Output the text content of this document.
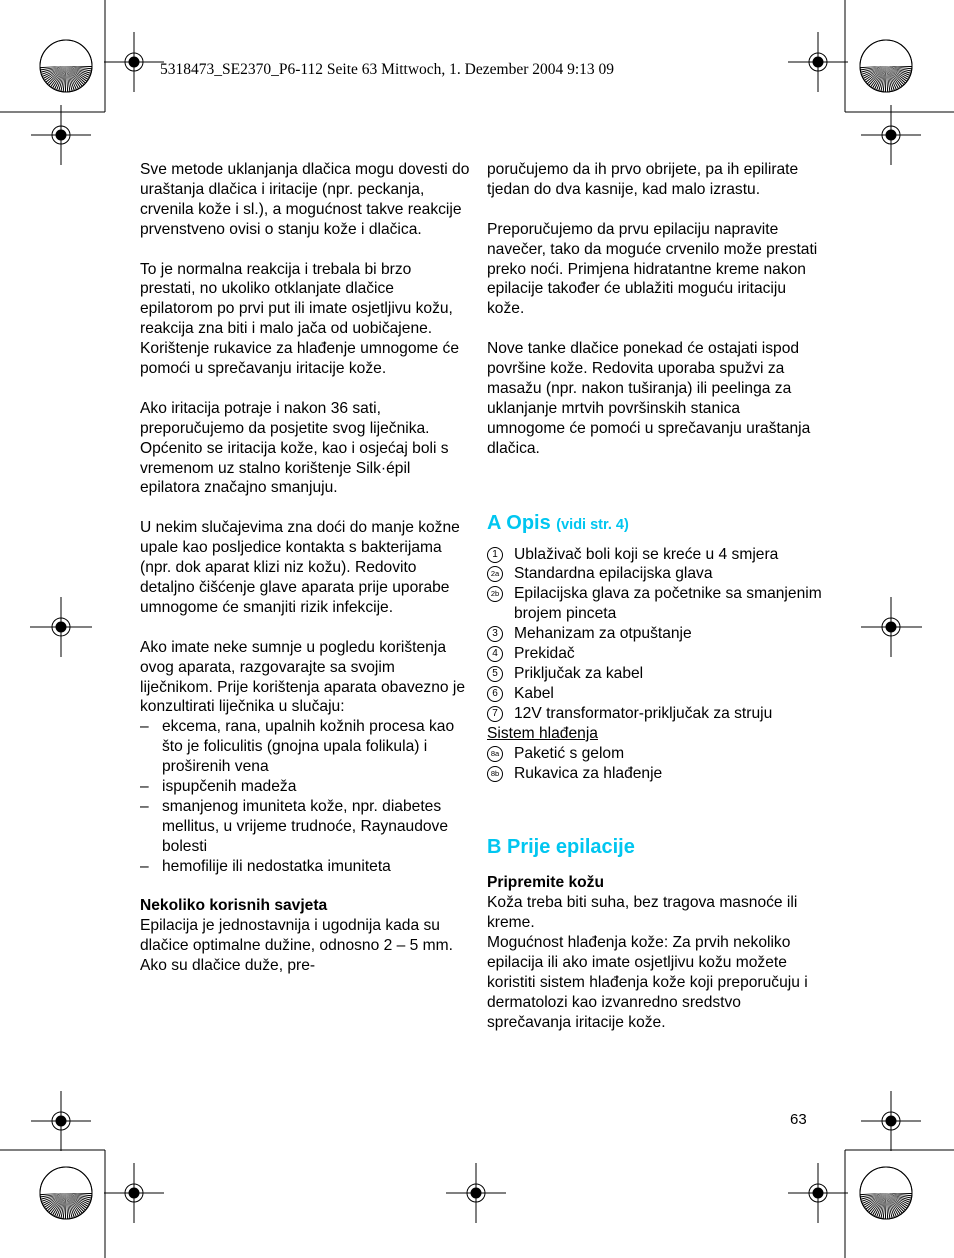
5318473_SE2370_P6-112 Seite 63 Mittwoch, 1. Dezember 2004 9:13 09

Sve metode uklanjanja dlačica mogu dovesti do uraštanja dlačica i iritacije (npr. peckanja, crvenila kože i sl.), a mogućnost takve reakcije prvenstveno ovisi o stanju kože i dlačica.

To je normalna reakcija i trebala bi brzo prestati, no ukoliko otklanjate dlačice epilatorom po prvi put ili imate osjetljivu kožu, reakcija zna biti i malo jača od uobičajene.

Korištenje rukavice za hlađenje umnogome će pomoći u sprečavanju iritacije kože.

Ako iritacija potraje i nakon 36 sati, preporučujemo da posjetite svog liječnika.

Općenito se iritacija kože, kao i osjećaj boli s vremenom uz stalno korištenje Silk·épil epilatora značajno smanjuju.

U nekim slučajevima zna doći do manje kožne upale kao posljedice kontakta s bakterijama (npr. dok aparat klizi niz kožu). Redovito detaljno čišćenje glave aparata prije uporabe umnogome će smanjiti rizik infekcije.

Ako imate neke sumnje u pogledu korištenja ovog aparata, razgovarajte sa svojim liječnikom. Prije korištenja aparata obavezno je konzultirati liječnika u slučaju:

– ekcema, rana, upalnih kožnih procesa kao što je foliculitis (gnojna upala folikula) i proširenih vena
– ispupčenih madeža
– smanjenog imuniteta kože, npr. diabetes mellitus, u vrijeme trudnoće, Raynaudove bolesti
– hemofilije ili nedostatka imuniteta

Nekoliko korisnih savjeta

Epilacija je jednostavnija i ugodnija kada su dlačice optimalne dužine, odnosno 2 – 5 mm. Ako su dlačice duže, pre-

poručujemo da ih prvo obrijete, pa ih epilirate tjedan do dva kasnije, kad malo izrastu.

Preporučujemo da prvu epilaciju napravite navečer, tako da moguće crvenilo može prestati preko noći. Primjena hidratantne kreme nakon epilacije također će ublažiti moguću iritaciju kože.

Nove tanke dlačice ponekad će ostajati ispod površine kože. Redovita uporaba spužvi za masažu (npr. nakon tuširanja) ili peelinga za uklanjanje mrtvih površinskih stanica umnogome će pomoći u sprečavanju uraštanja dlačica.

A Opis (vidi str. 4)

1	Ublaživač boli koji se kreće u 4 smjera
2a Standardna epilacijska glava
2b Epilacijska glava za početnike sa smanjenim brojem pinceta
3	Mehanizam za otpuštanje
4	Prekidač
5	Priključak za kabel
6	Kabel
7	12V transformator-priključak za struju

Sistem hlađenja

8a Paketić s gelom
8b Rukavica za hlađenje

B Prije epilacije

Pripremite kožu

Koža treba biti suha, bez tragova masnoće ili kreme.

Mogućnost hlađenja kože: Za prvih nekoliko epilacija ili ako imate osjetljivu kožu možete koristiti sistem hlađenja kože koji preporučuju i dermatolozi kao izvanredno sredstvo sprečavanja iritacije kože.

63
